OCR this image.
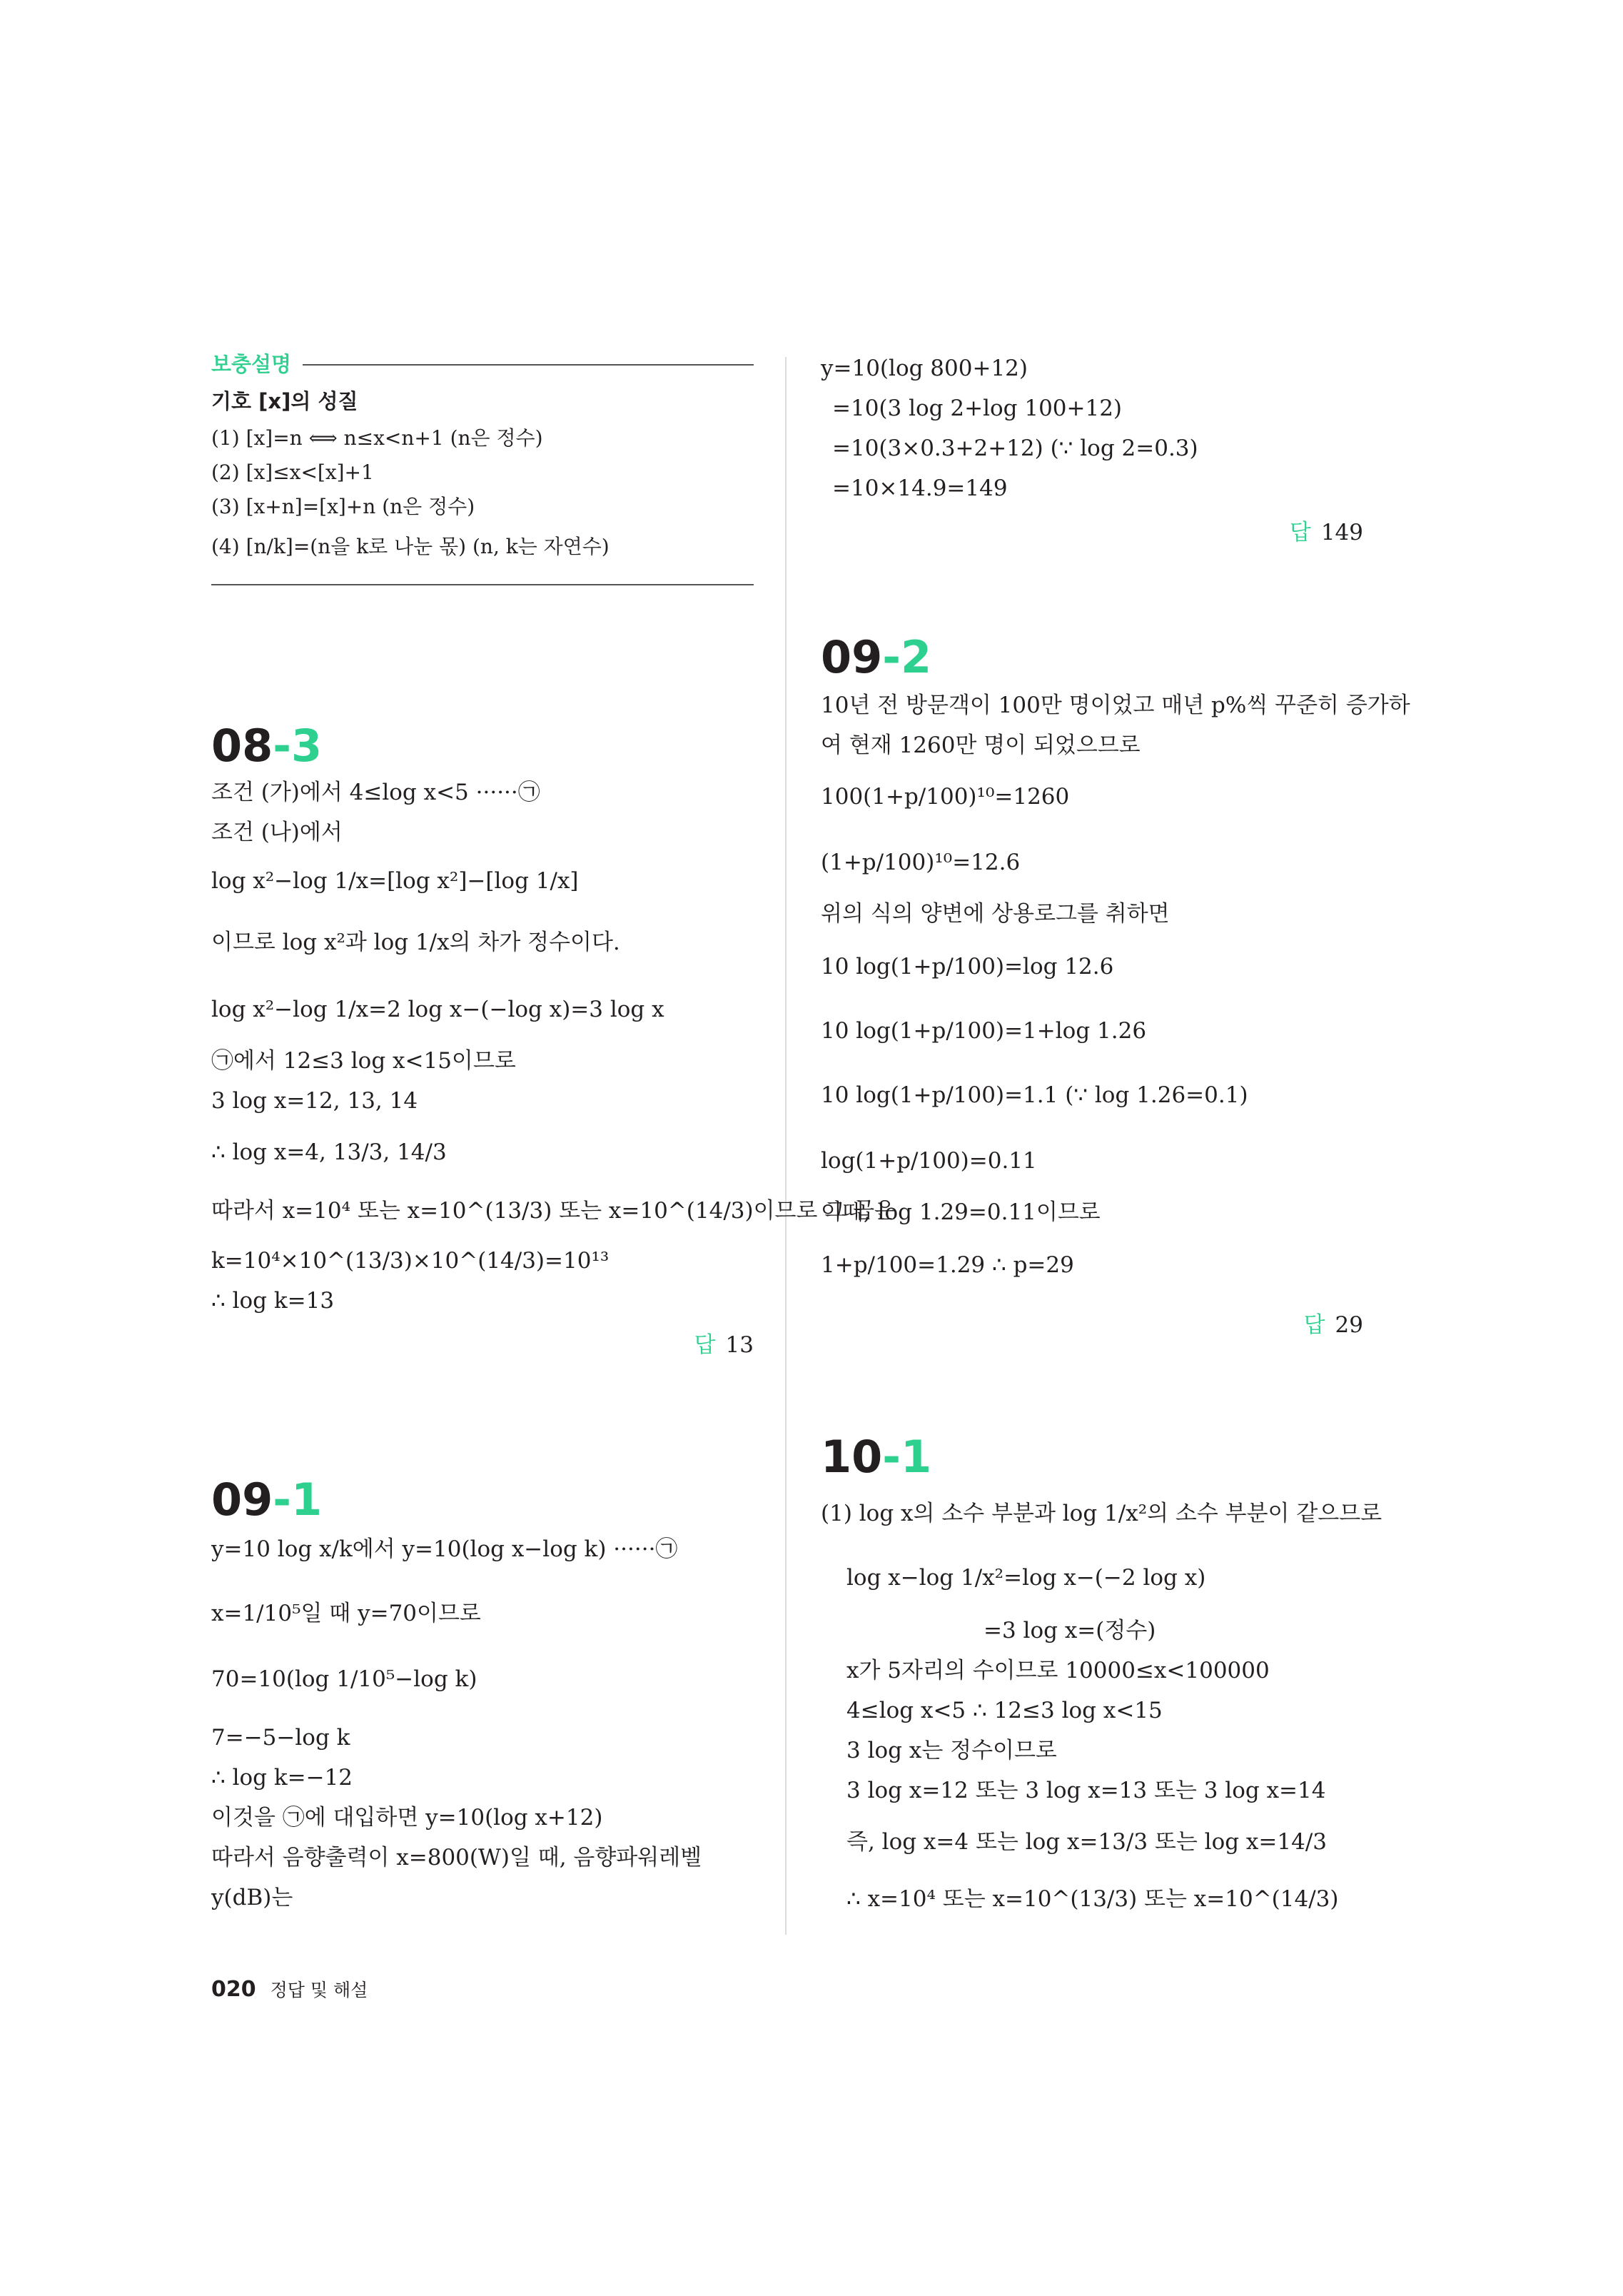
보충설명
기호 [x]의 성질
(1) [x]=n ⟺ n≤x<n+1 (n은 정수)
(2) [x]≤x<[x]+1
(3) [x+n]=[x]+n (n은 정수)
(4) [n/k]=(n을 k로 나눈 몫) (n, k는 자연수)
08-3
조건 (가)에서 4≤log x<5 ······㉠
조건 (나)에서
log x²−log 1/x=[log x²]−[log 1/x]
이므로 log x²과 log 1/x의 차가 정수이다.
log x²−log 1/x=2 log x−(−log x)=3 log x
㉠에서 12≤3 log x<15이므로
3 log x=12, 13, 14
∴ log x=4, 13/3, 14/3
따라서 x=10⁴ 또는 x=10^(13/3) 또는 x=10^(14/3)이므로 그 곱은
k=10⁴×10^(13/3)×10^(14/3)=10¹³
∴ log k=13
답 13
09-1
y=10 log x/k에서 y=10(log x−log k) ······㉠
x=1/10⁵일 때 y=70이므로
70=10(log 1/10⁵−log k)
7=−5−log k
∴ log k=−12
이것을 ㉠에 대입하면 y=10(log x+12)
따라서 음향출력이 x=800(W)일 때, 음향파워레벨
y(dB)는
y=10(log 800+12)
=10(3 log 2+log 100+12)
=10(3×0.3+2+12) (∵ log 2=0.3)
=10×14.9=149
답 149
09-2
10년 전 방문객이 100만 명이었고 매년 p%씩 꾸준히 증가하
여 현재 1260만 명이 되었으므로
100(1+p/100)¹⁰=1260
(1+p/100)¹⁰=12.6
위의 식의 양변에 상용로그를 취하면
10 log(1+p/100)=log 12.6
10 log(1+p/100)=1+log 1.26
10 log(1+p/100)=1.1 (∵ log 1.26=0.1)
log(1+p/100)=0.11
이때, log 1.29=0.11이므로
1+p/100=1.29 ∴ p=29
답 29
10-1
(1) log x의 소수 부분과 log 1/x²의 소수 부분이 같으므로
log x−log 1/x²=log x−(−2 log x)
=3 log x=(정수)
x가 5자리의 수이므로 10000≤x<100000
4≤log x<5 ∴ 12≤3 log x<15
3 log x는 정수이므로
3 log x=12 또는 3 log x=13 또는 3 log x=14
즉, log x=4 또는 log x=13/3 또는 log x=14/3
∴ x=10⁴ 또는 x=10^(13/3) 또는 x=10^(14/3)
020 정답 및 해설
